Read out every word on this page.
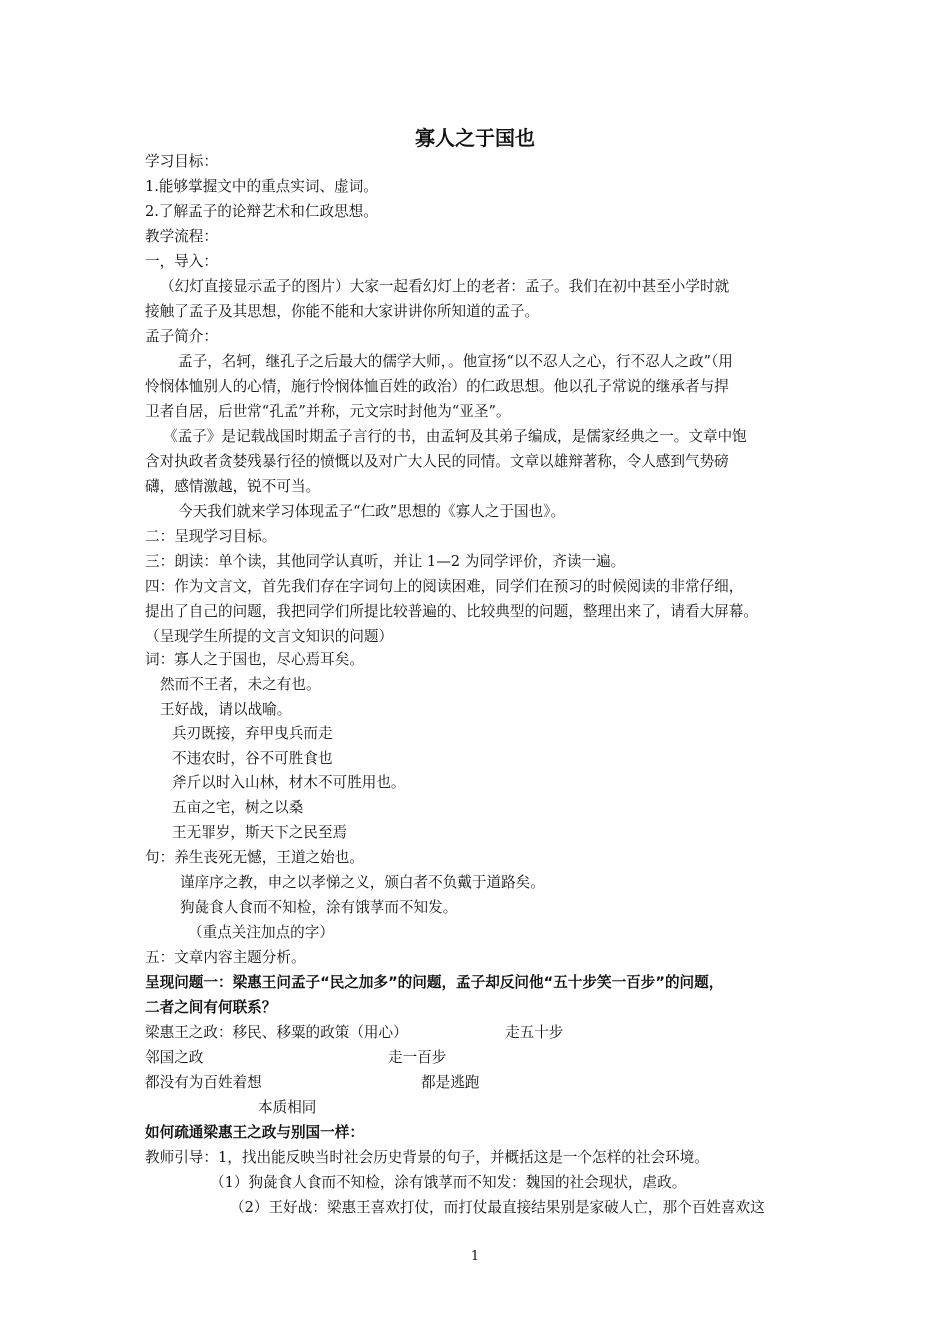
寡人之于国也
学习目标：
1.能够掌握文中的重点实词、虚词。
2.了解孟子的论辩艺术和仁政思想。
教学流程：
一，导入：
（幻灯直接显示孟子的图片）大家一起看幻灯上的老者：孟子。我们在初中甚至小学时就
接触了孟子及其思想，你能不能和大家讲讲你所知道的孟子。
孟子简介：
孟子，名轲，继孔子之后最大的儒学大师，。他宣扬“以不忍人之心，行不忍人之政”（用
怜悯体恤别人的心情，施行怜悯体恤百姓的政治）的仁政思想。他以孔子常说的继承者与捍
卫者自居，后世常“孔孟”并称，元文宗时封他为“亚圣”。
《孟子》是记载战国时期孟子言行的书，由孟轲及其弟子编成，是儒家经典之一。文章中饱
含对执政者贪婪残暴行径的愤慨以及对广大人民的同情。文章以雄辩著称，令人感到气势磅
礴，感情激越，锐不可当。
今天我们就来学习体现孟子“仁政”思想的《寡人之于国也》。
二：呈现学习目标。
三：朗读：单个读，其他同学认真听，并让 1—2 为同学评价，齐读一遍。
四：作为文言文，首先我们存在字词句上的阅读困难，同学们在预习的时候阅读的非常仔细，
提出了自己的问题，我把同学们所提比较普遍的、比较典型的问题，整理出来了，请看大屏幕。
（呈现学生所提的文言文知识的问题）
词：寡人之于国也，尽心焉耳矣。
然而不王者，未之有也。
王好战，请以战喻。
兵刃既接，弃甲曳兵而走
不违农时，谷不可胜食也
斧斤以时入山林，材木不可胜用也。
五亩之宅，树之以桑
王无罪岁，斯天下之民至焉
句：养生丧死无憾，王道之始也。
谨庠序之教，申之以孝悌之义，颁白者不负戴于道路矣。
狗彘食人食而不知检，涂有饿莩而不知发。
（重点关注加点的字）
五：文章内容主题分析。
呈现问题一：梁惠王问孟子“民之加多”的问题，孟子却反问他“五十步笑一百步”的问题，
二者之间有何联系？
梁惠王之政：移民、移粟的政策（用心）	走五十步
邻国之政	走一百步
都没有为百姓着想	都是逃跑
本质相同
如何疏通梁惠王之政与别国一样：
教师引导：1，找出能反映当时社会历史背景的句子，并概括这是一个怎样的社会环境。
（1）狗彘食人食而不知检，涂有饿莩而不知发：魏国的社会现状，虐政。
（2）王好战：梁惠王喜欢打仗，而打仗最直接结果别是家破人亡，那个百姓喜欢这
1
